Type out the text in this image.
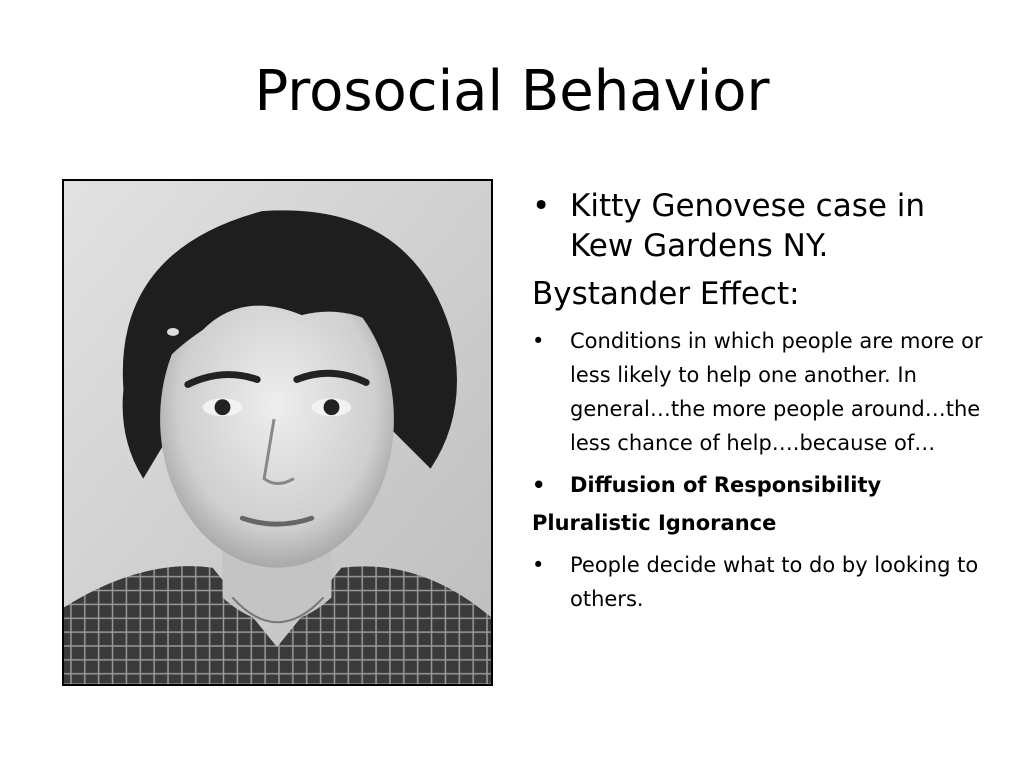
Prosocial Behavior

• Kitty Genovese case in Kew Gardens NY.

Bystander Effect:

• Conditions in which people are more or less likely to help one another. In general…the more people around…the less chance of help….because of…

• Diffusion of Responsibility

Pluralistic Ignorance

• People decide what to do by looking to others.
